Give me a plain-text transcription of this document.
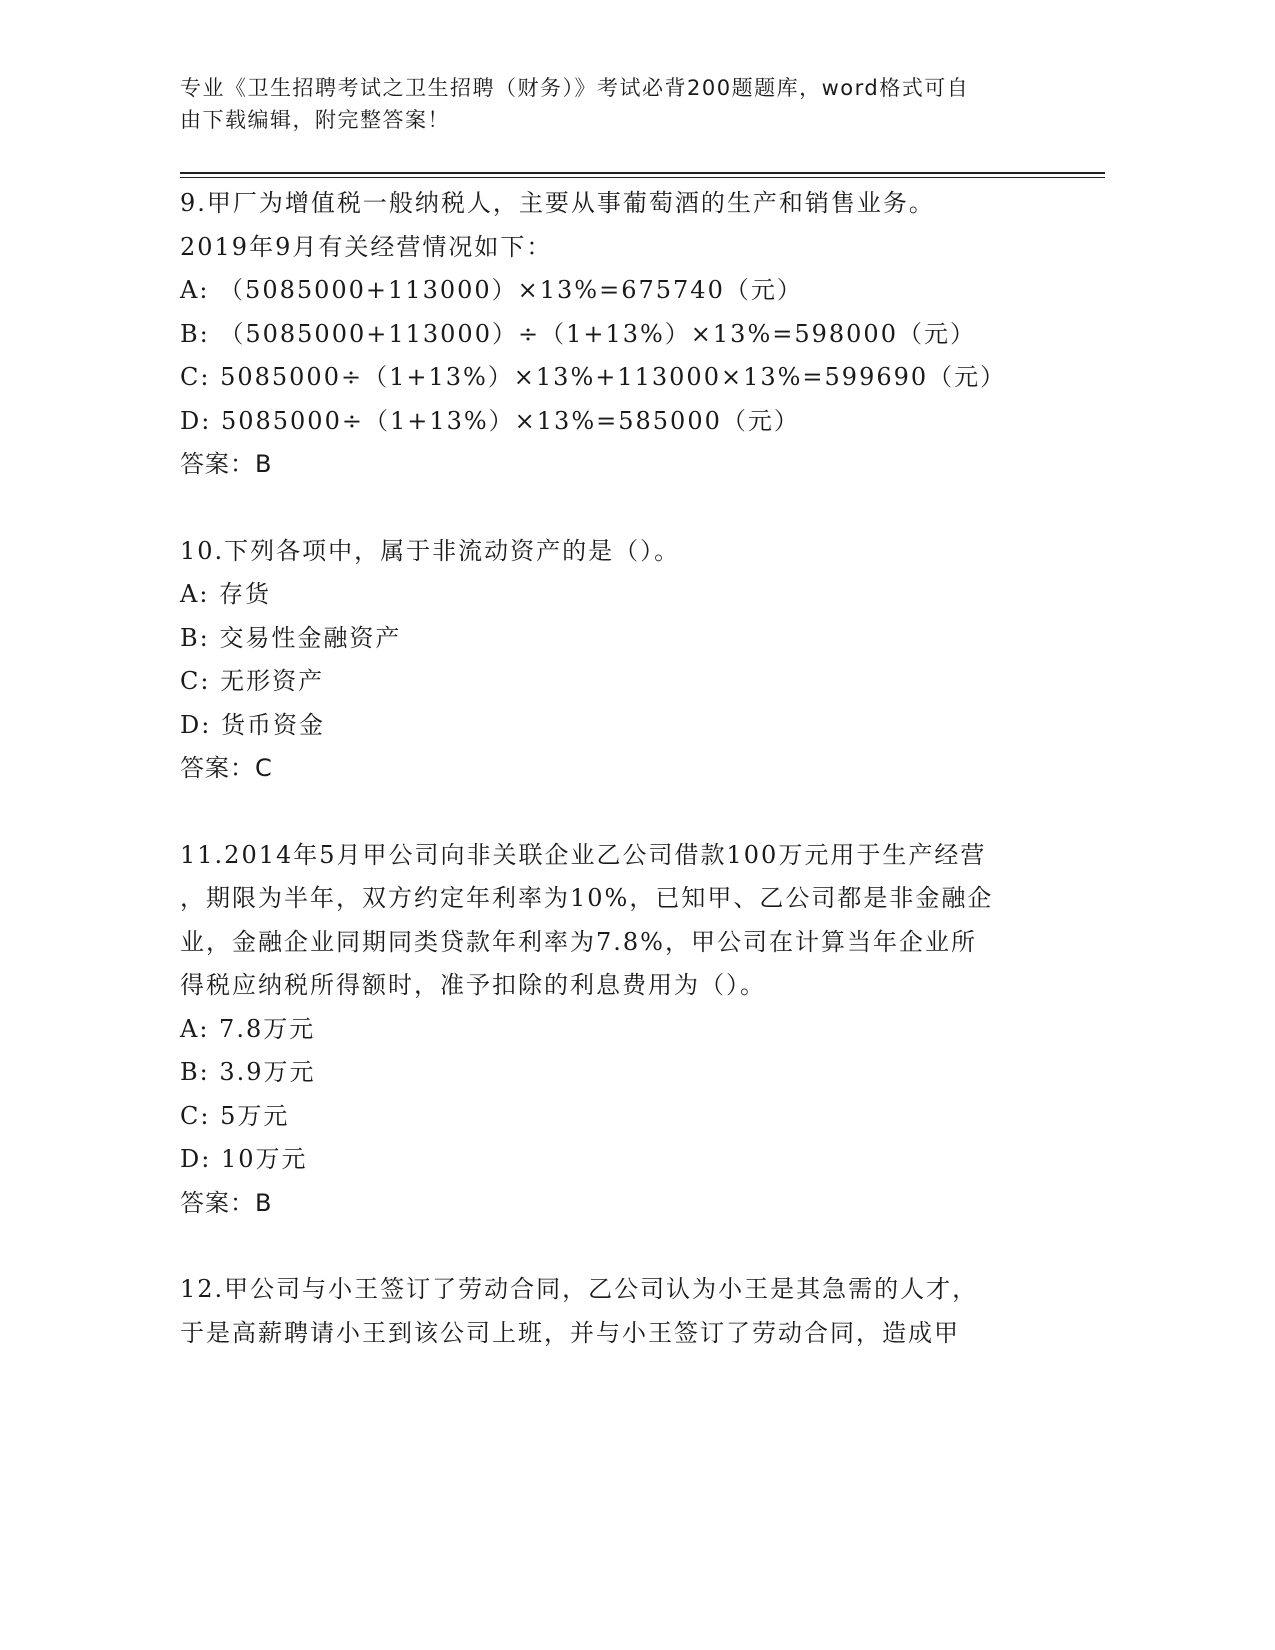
专业《卫生招聘考试之卫生招聘（财务）》考试必背200题题库，word格式可自
由下载编辑，附完整答案！
9.甲厂为增值税一般纳税人，主要从事葡萄酒的生产和销售业务。
2019年9月有关经营情况如下：
A: （5085000+113000）×13%=675740（元）
B: （5085000+113000）÷（1+13%）×13%=598000（元）
C: 5085000÷（1+13%）×13%+113000×13%=599690（元）
D: 5085000÷（1+13%）×13%=585000（元）
答案：B
10.下列各项中，属于非流动资产的是（）。
A: 存货
B: 交易性金融资产
C: 无形资产
D: 货币资金
答案：C
11.2014年5月甲公司向非关联企业乙公司借款100万元用于生产经营
，期限为半年，双方约定年利率为10%，已知甲、乙公司都是非金融企
业，金融企业同期同类贷款年利率为7.8%，甲公司在计算当年企业所
得税应纳税所得额时，准予扣除的利息费用为（）。
A: 7.8万元
B: 3.9万元
C: 5万元
D: 10万元
答案：B
12.甲公司与小王签订了劳动合同，乙公司认为小王是其急需的人才，
于是高薪聘请小王到该公司上班，并与小王签订了劳动合同，造成甲
